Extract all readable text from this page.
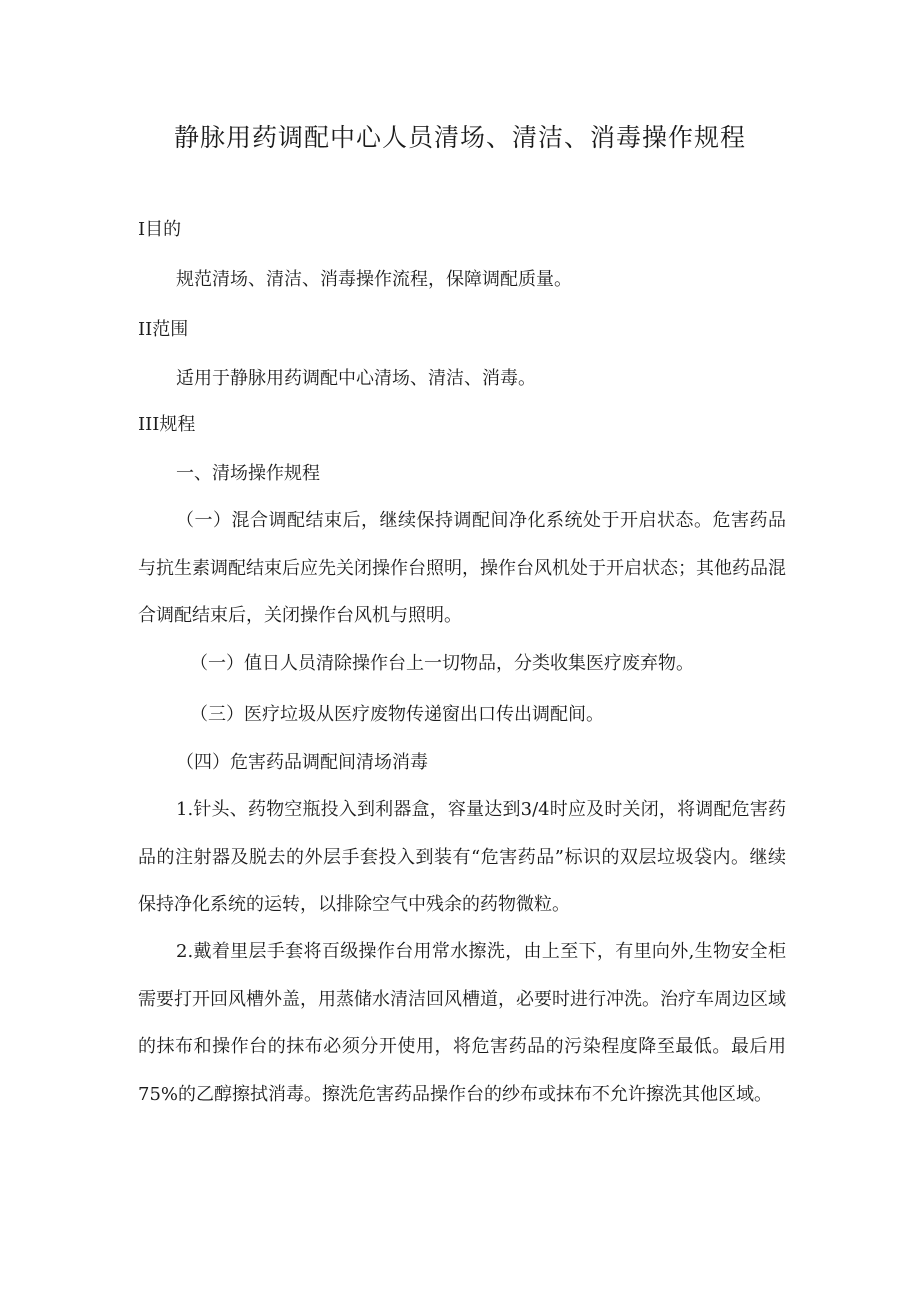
静脉用药调配中心人员清场、清洁、消毒操作规程
I目的
规范清场、清洁、消毒操作流程，保障调配质量。
II范围
适用于静脉用药调配中心清场、清洁、消毒。
III规程
一、清场操作规程
（一）混合调配结束后，继续保持调配间净化系统处于开启状态。危害药品与抗生素调配结束后应先关闭操作台照明，操作台风机处于开启状态；其他药品混合调配结束后，关闭操作台风机与照明。
（一）值日人员清除操作台上一切物品，分类收集医疗废弃物。
（三）医疗垃圾从医疗废物传递窗出口传出调配间。
（四）危害药品调配间清场消毒
1.针头、药物空瓶投入到利器盒，容量达到3/4时应及时关闭，将调配危害药品的注射器及脱去的外层手套投入到装有“危害药品”标识的双层垃圾袋内。继续保持净化系统的运转，以排除空气中残余的药物微粒。
2.戴着里层手套将百级操作台用常水擦洗，由上至下，有里向外,生物安全柜需要打开回风槽外盖，用蒸储水清洁回风槽道，必要时进行冲洗。治疗车周边区域的抹布和操作台的抹布必须分开使用，将危害药品的污染程度降至最低。最后用75%的乙醇擦拭消毒。擦洗危害药品操作台的纱布或抹布不允许擦洗其他区域。
